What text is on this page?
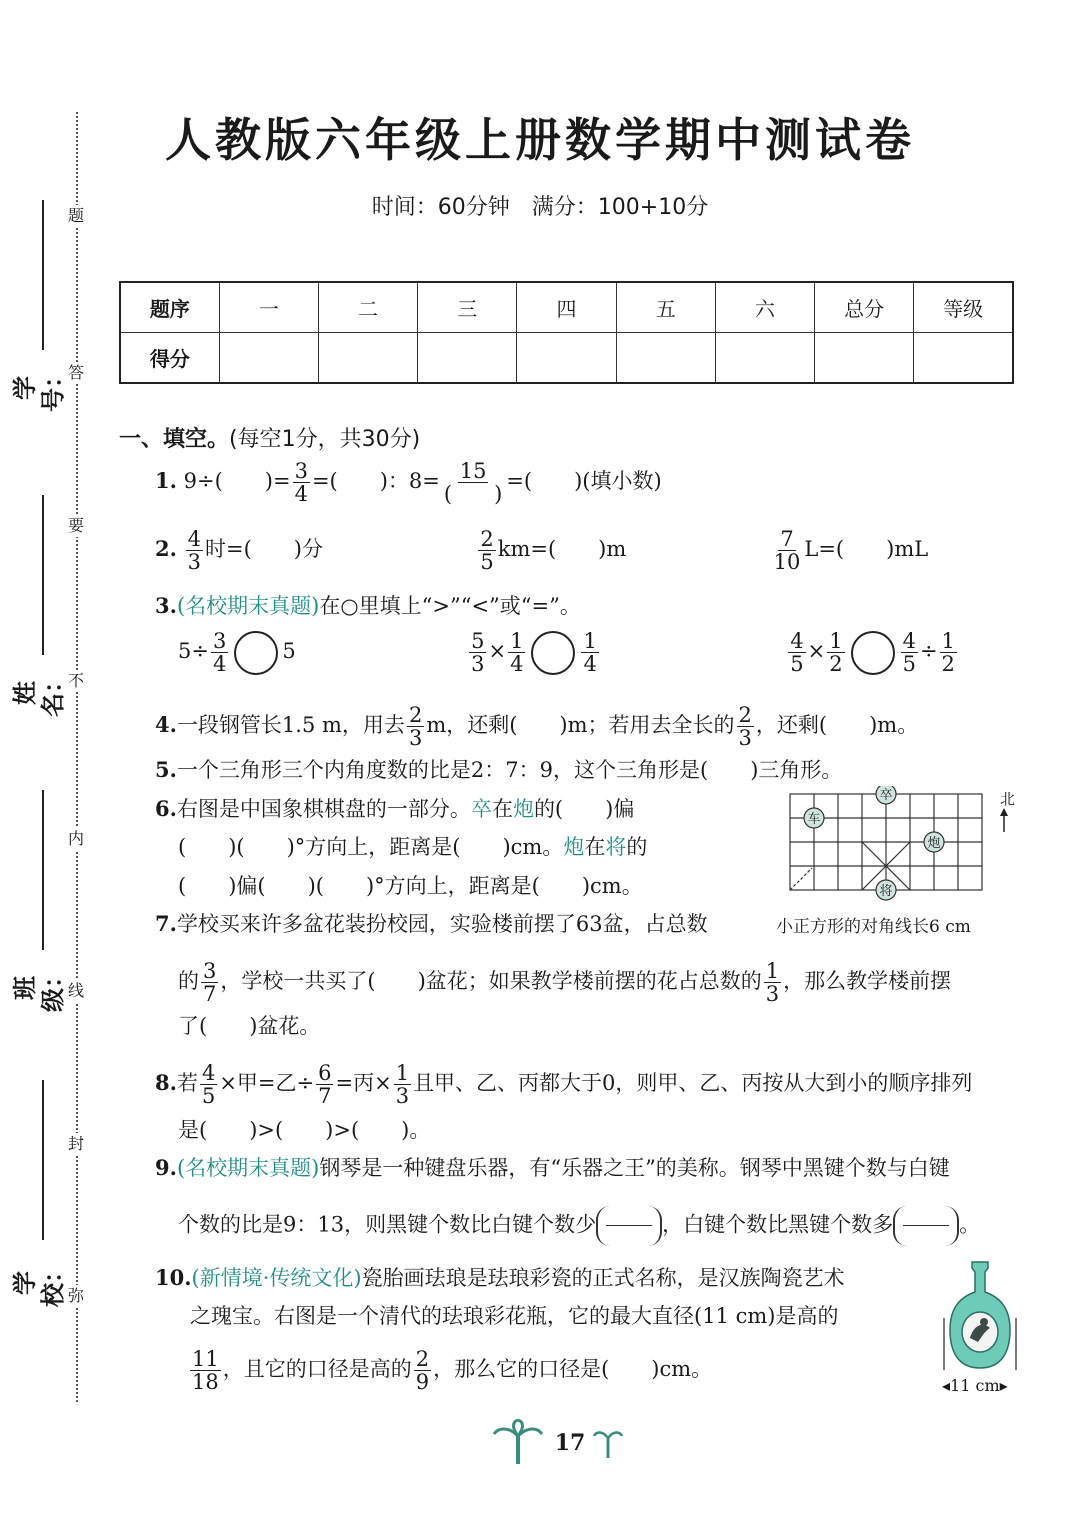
题
答
要
不
内
线
封
弥
学号：
姓名：
班级：
学校：
人教版六年级上册数学期中测试卷
时间：60分钟　满分：100+10分
题序	一	二	三	四	五	六	总分	等级
得分								
一、填空。(每空1分，共30分)
1. 9÷(　　)= $\frac{3}{4}$ =(　　)：$8= \frac{15}{( )}$ =(　　)(填小数)
2. $\frac{4}{3}$ 时=(　　)分	$\frac{2}{5} km=$(　　)m	$\frac{7}{10} L=$(　　)mL
3.(名校期末真题)在○里填上“>”“<”或“=”。
$5\div \frac{3}{4}$	5	$\frac{5}{3} \times \frac{1}{4}$	$\frac{1}{4}$
	$\frac{4}{5} \times \frac{1}{2}$	$\frac{4}{5} \div \frac{1}{2}$
4.一段钢管长1.5 m，用去 $\frac{2}{3}$ m，还剩(　　)m；若用去全长的 $\frac{2}{3}$ ，还剩(　　)m。
5.一个三角形三个内角度数的比是2：7：9，这个三角形是(　　)三角形。
6.右图是中国象棋棋盘的一部分。卒在炮的(　　)偏
(　　)(　　)°方向上，距离是(　　)cm。炮在将的
(　　)偏(　　)(　　)°方向上，距离是(　　)cm。
车
卒
炮
将
北
小正方形的对角线长6 cm
7.学校买来许多盆花装扮校园，实验楼前摆了63盆，占总数
的 $\frac{3}{7}$ ，学校一共买了(　　)盆花；如果教学楼前摆的花占总数的 $\frac{1}{3}$ ，那么教学楼前摆
了(　　)盆花。
8.若 $\frac{4}{5}$ ×甲=乙÷ $\frac{6}{7}$ =丙× $\frac{1}{3}$ 且甲、乙、丙都大于0，则甲、乙、丙按从大到小的顺序排列
是(　　)>(　　)>(　　)。
9.(名校期末真题)钢琴是一种键盘乐器，有“乐器之王”的美称。钢琴中黑键个数与白键
个数的比是9：13，则黑键个数比白键个数少	，白键个数比黑键个数多	。
10.(新情境·传统文化)瓷胎画珐琅是珐琅彩瓷的正式名称，是汉族陶瓷艺术
之瑰宝。右图是一个清代的珐琅彩花瓶，它的最大直径(11 cm)是高的
$\frac{11}{18}$ ，且它的口径是高的 $\frac{2}{9}$ ，那么它的口径是(　　)cm。
◂11 cm▸
17
